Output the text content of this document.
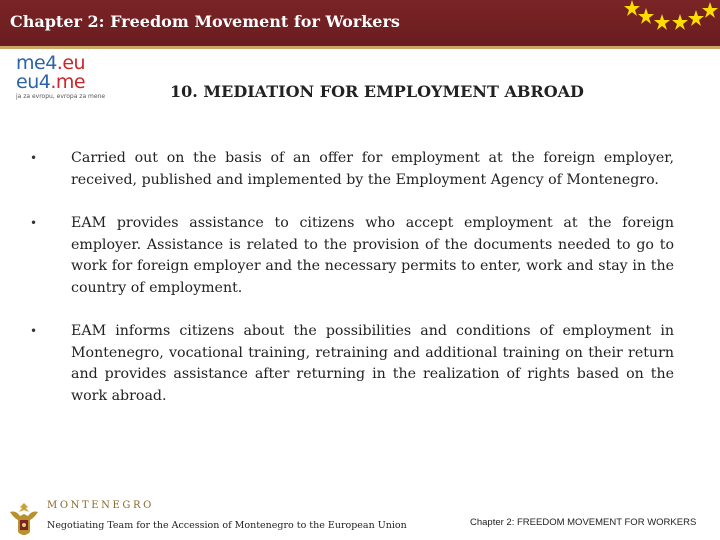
Chapter 2: Freedom Movement for Workers
me4.eu
eu4.me
ja za evropu, evropa za mene	10. MEDIATION FOR EMPLOYMENT ABROAD
• Carried out on the basis of an offer for employment at the foreign employer, received, published and implemented by the Employment Agency of Montenegro.
• EAM provides assistance to citizens who accept employment at the foreign employer. Assistance is related to the provision of the documents needed to go to work for foreign employer and the necessary permits to enter, work and stay in the country of employment.
• EAM informs citizens about the possibilities and conditions of employment in Montenegro, vocational training, retraining and additional training on their return and provides assistance after returning in the realization of rights based on the work abroad.
MONTENEGRO
Negotiating Team for the Accession of Montenegro to the European Union	Chapter 2: FREEDOM MOVEMENT FOR WORKERS
